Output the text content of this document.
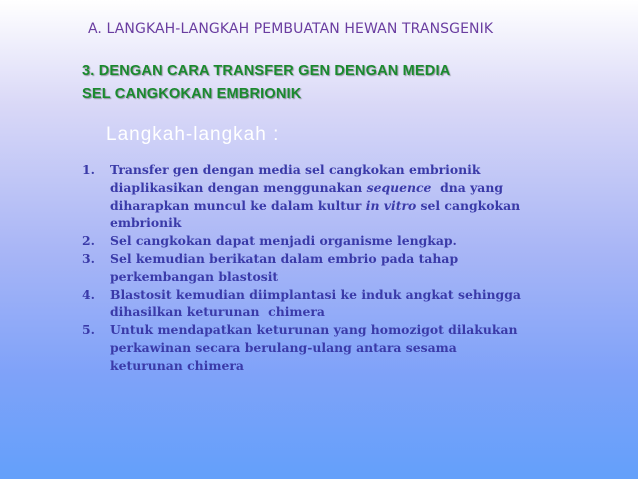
A. LANGKAH-LANGKAH PEMBUATAN HEWAN TRANSGENIK
3. DENGAN CARA TRANSFER GEN DENGAN MEDIA
SEL CANGKOKAN EMBRIONIK
Langkah-langkah :
1. Transfer gen dengan media sel cangkokan embrionik
diaplikasikan dengan menggunakan sequence  dna yang
diharapkan muncul ke dalam kultur in vitro sel cangkokan
embrionik
2. Sel cangkokan dapat menjadi organisme lengkap.
3. Sel kemudian berikatan dalam embrio pada tahap
perkembangan blastosit
4. Blastosit kemudian diimplantasi ke induk angkat sehingga
dihasilkan keturunan  chimera
5. Untuk mendapatkan keturunan yang homozigot dilakukan
perkawinan secara berulang-ulang antara sesama
keturunan chimera
